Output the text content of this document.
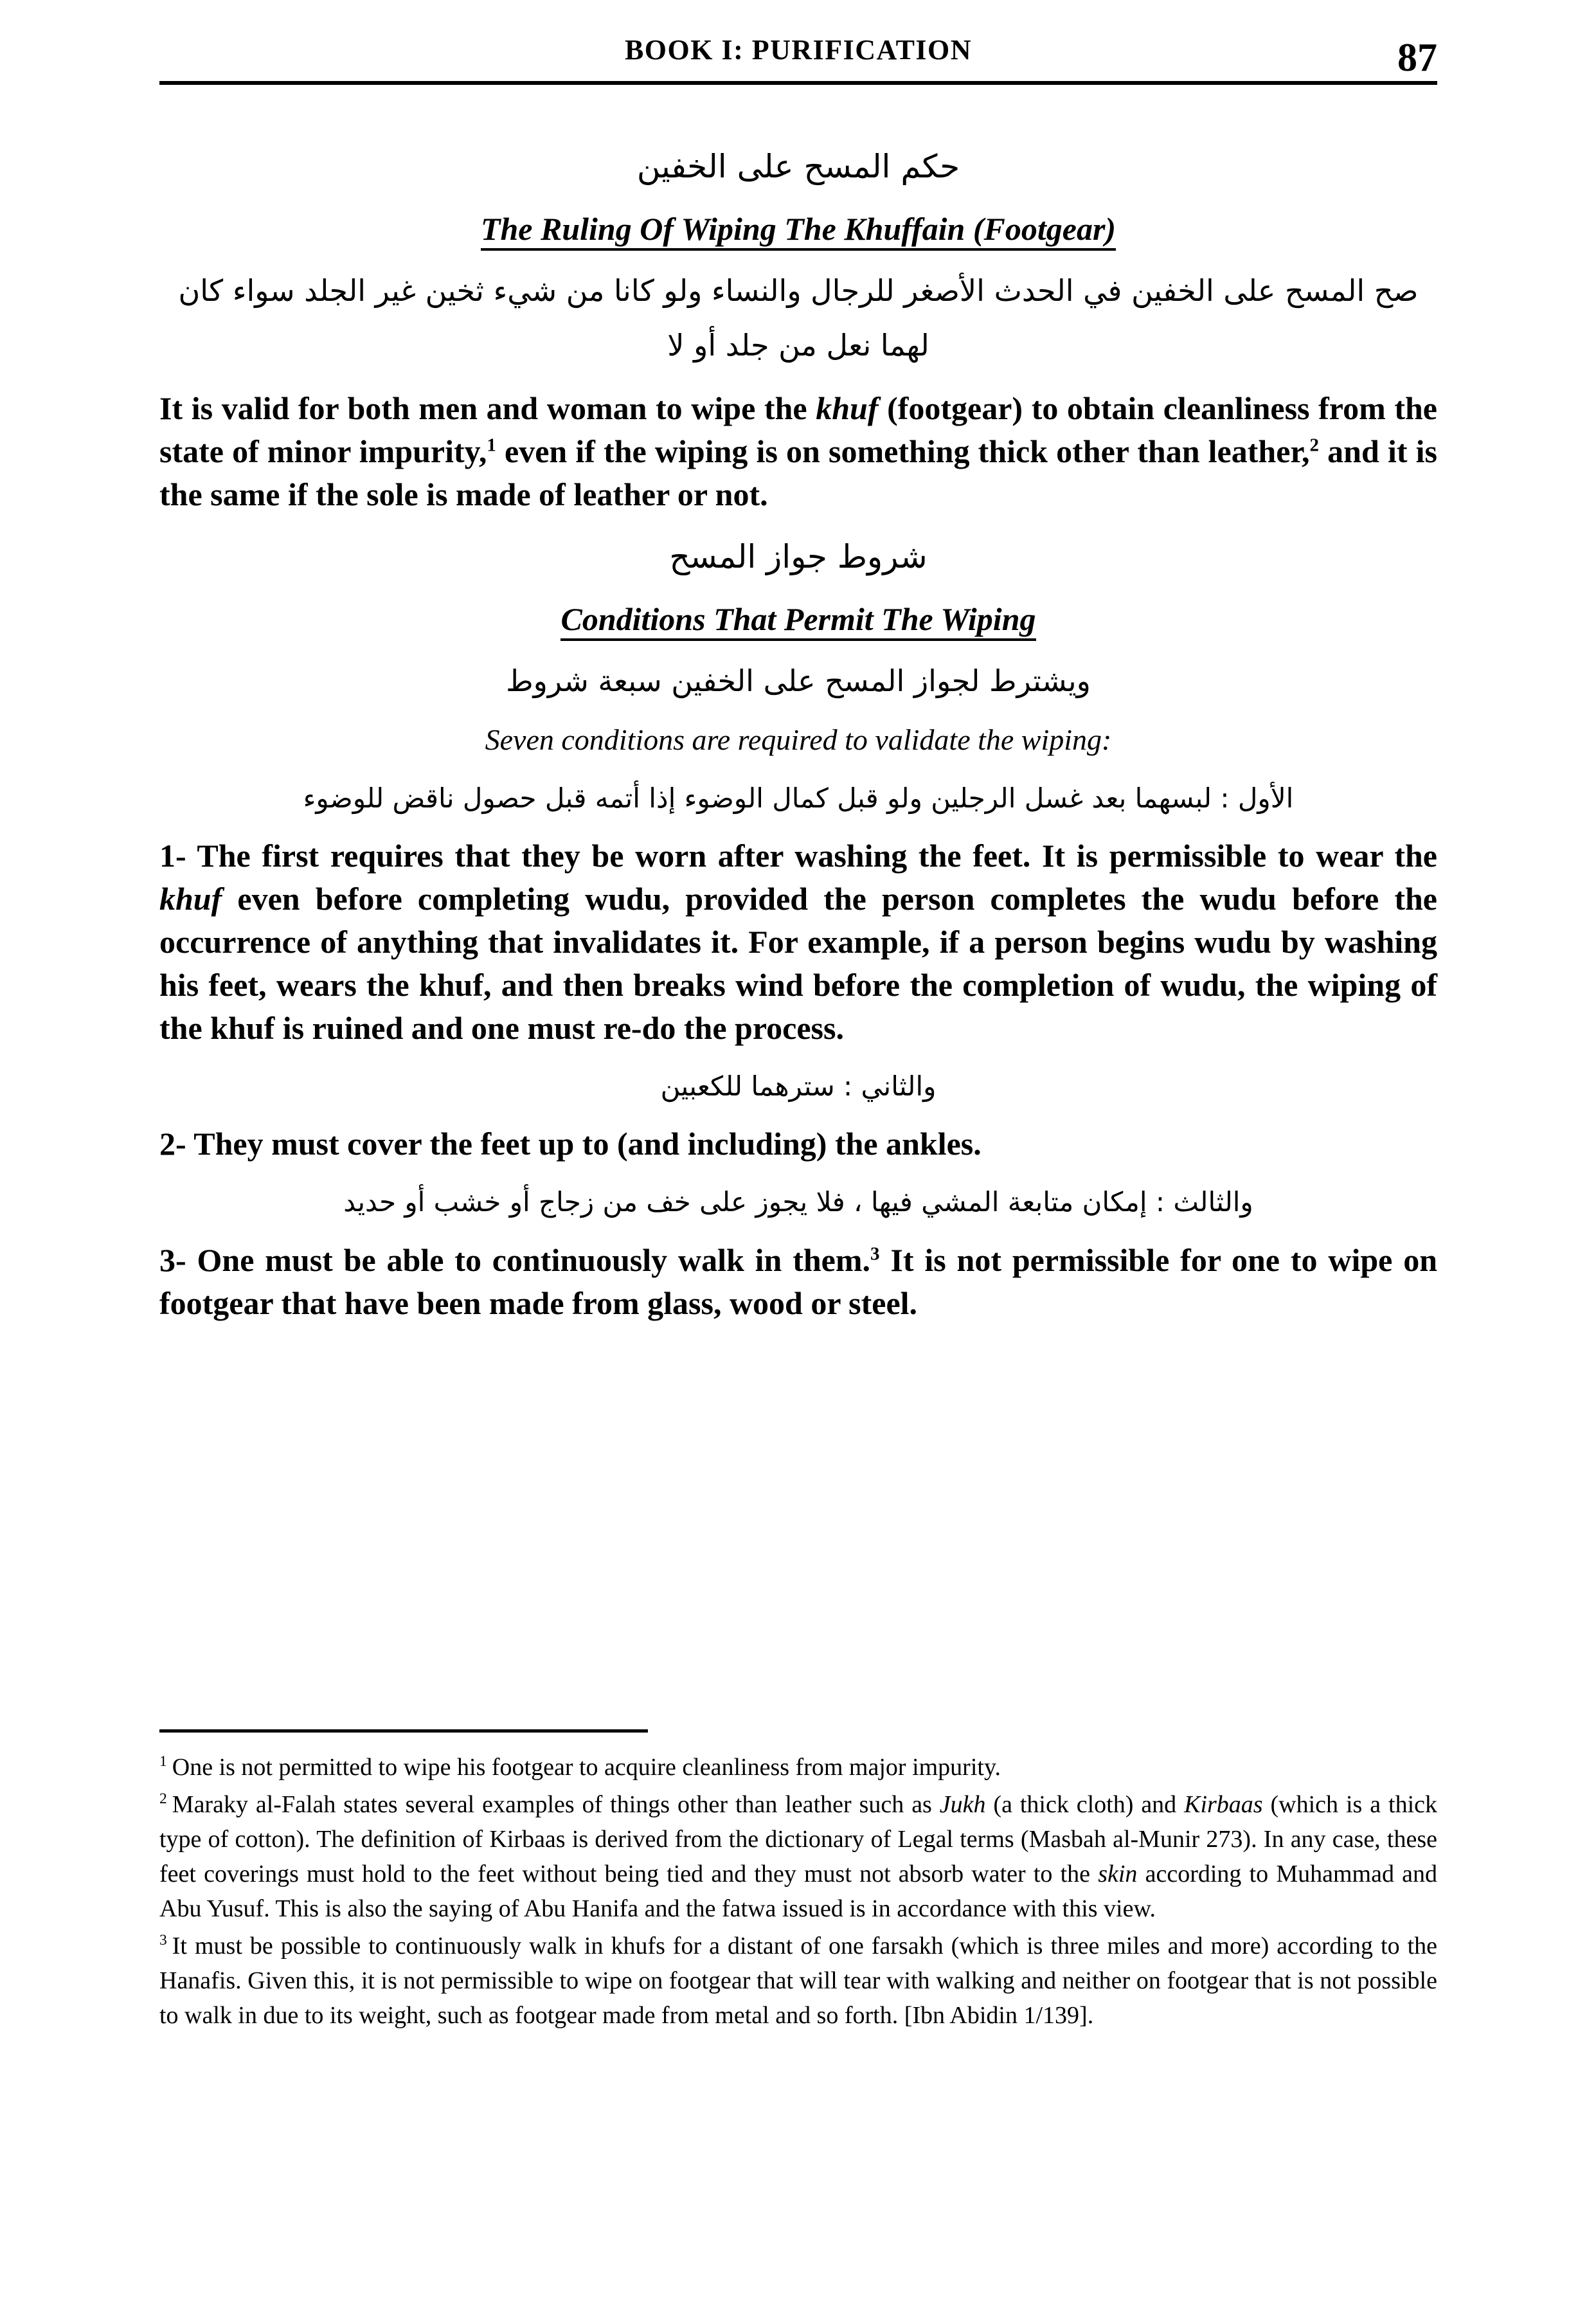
BOOK I: PURIFICATION	87
حكم المسح على الخفين
The Ruling Of Wiping The Khuffain (Footgear)
صح المسح على الخفين في الحدث الأصغر للرجال والنساء ولو كانا من شيء ثخين غير الجلد سواء كان
لهما نعل من جلد أو لا

It is valid for both men and woman to wipe the khuf (footgear) to obtain cleanliness from the state of minor impurity,$^1$ even if the wiping is on something thick other than leather,$^2$ and it is the same if the sole is made of leather or not.

شروط جواز المسح
Conditions That Permit The Wiping
ويشترط لجواز المسح على الخفين سبعة شروط
Seven conditions are required to validate the wiping:
الأول : لبسهما بعد غسل الرجلين ولو قبل كمال الوضوء إذا أتمه قبل حصول ناقض للوضوء

1- The first requires that they be worn after washing the feet. It is permissible to wear the khuf even before completing wudu, provided the person completes the wudu before the occurrence of anything that invalidates it. For example, if a person begins wudu by washing his feet, wears the khuf, and then breaks wind before the completion of wudu, the wiping of the khuf is ruined and one must re-do the process.

والثاني : سترهما للكعبين

2- They must cover the feet up to (and including) the ankles.

والثالث : إمكان متابعة المشي فيها ، فلا يجوز على خف من زجاج أو خشب أو حديد

3- One must be able to continuously walk in them.$^3$ It is not permissible for one to wipe on footgear that have been made from glass, wood or steel.

$^1$ One is not permitted to wipe his footgear to acquire cleanliness from major impurity.

$^2$ Maraky al-Falah states several examples of things other than leather such as Jukh (a thick cloth) and Kirbaas (which is a thick type of cotton). The definition of Kirbaas is derived from the dictionary of Legal terms (Masbah al-Munir 273). In any case, these feet coverings must hold to the feet without being tied and they must not absorb water to the skin according to Muhammad and Abu Yusuf. This is also the saying of Abu Hanifa and the fatwa issued is in accordance with this view.

$^3$ It must be possible to continuously walk in khufs for a distant of one farsakh (which is three miles and more) according to the Hanafis. Given this, it is not permissible to wipe on footgear that will tear with walking and neither on footgear that is not possible to walk in due to its weight, such as footgear made from metal and so forth. [Ibn Abidin 1/139].
